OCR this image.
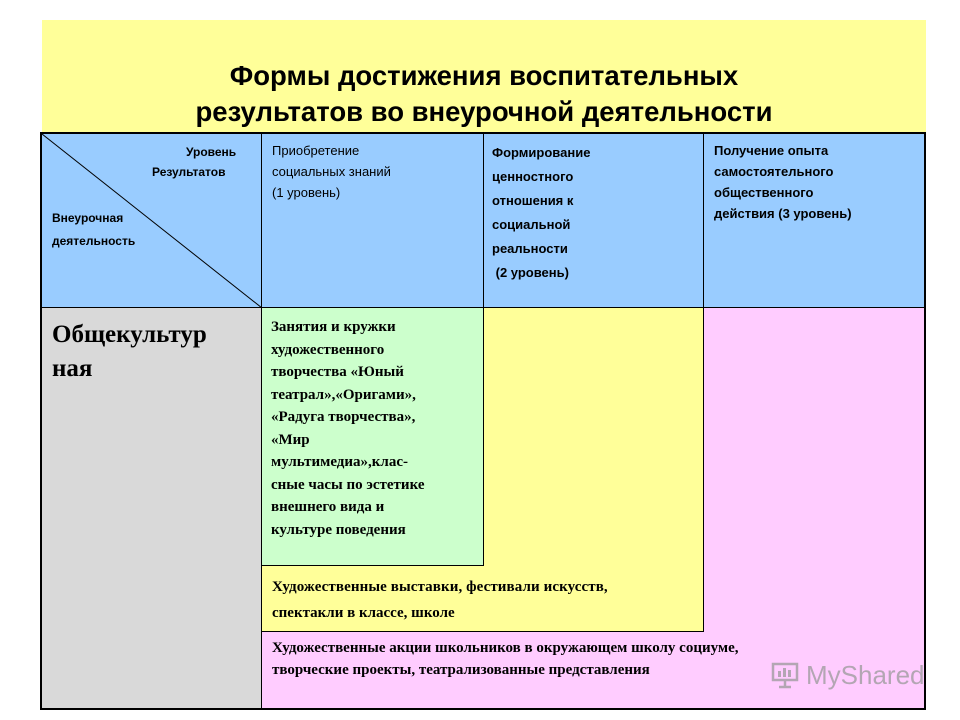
Формы достижения воспитательных
результатов во внеурочной деятельности
Уровень
Результатов
Внеурочная
деятельность
Приобретение
социальных знаний
(1 уровень)
Формирование
ценностного
отношения к
социальной
реальности
(2 уровень)
Получение опыта
самостоятельного
общественного
действия (3 уровень)
Общекультур
ная
Занятия и кружки
художественного
творчества «Юный
театрал»,«Оригами»,
«Радуга творчества»,
«Мир
мультимедиа»,клас-
сные часы по эстетике
внешнего вида и
культуре поведения
Художественные выставки, фестивали искусств,
спектакли в классе, школе
Художественные акции школьников в окружающем школу социуме,
творческие проекты, театрализованные представления	MyShared
